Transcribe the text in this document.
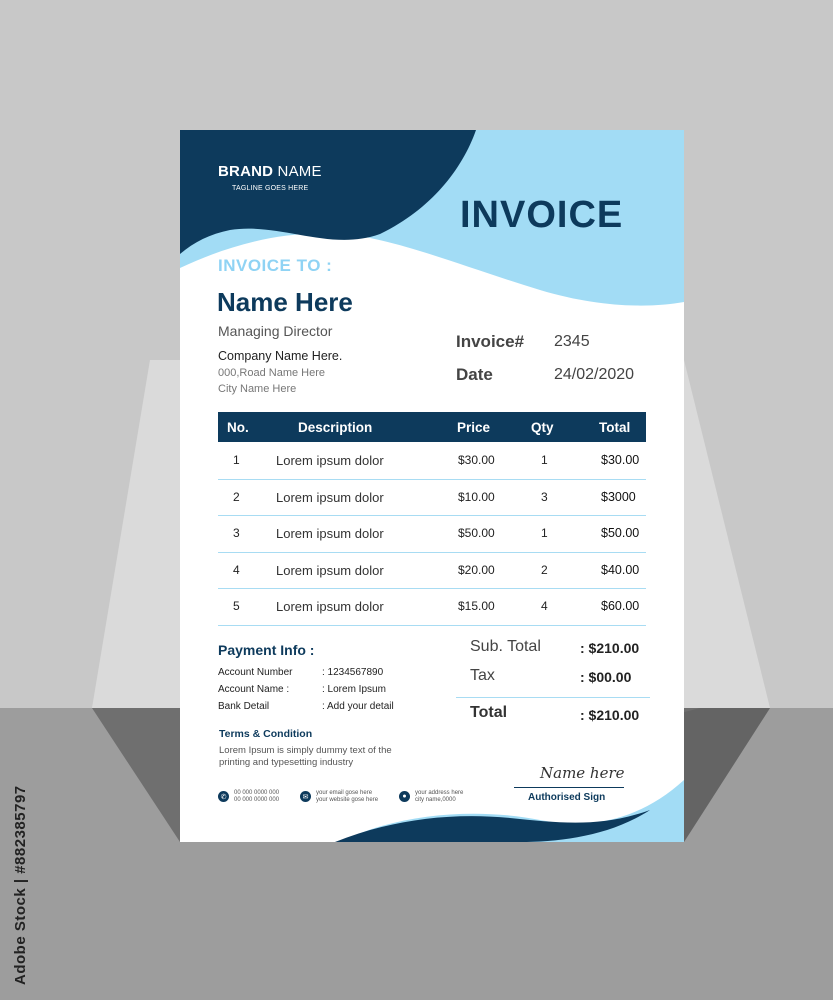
BRAND NAME
TAGLINE GOES HERE
INVOICE
INVOICE TO :
Name Here
Managing Director
Company Name Here.
000,Road Name Here
City Name Here
Invoice# 2345
Date	24/02/2020
No.	Description	Price	Qty	Total
1	Lorem ipsum dolor	$30.00	1	$30.00
2	Lorem ipsum dolor	$10.00	3	$3000
3	Lorem ipsum dolor	$50.00	1	$50.00
4	Lorem ipsum dolor	$20.00	2	$40.00
5	Lorem ipsum dolor	$15.00	4	$60.00
Payment Info :
Account Number	: 1234567890
Account Name :	: Lorem Ipsum
Bank Detail	: Add your detail
Terms & Condition
Lorem Ipsum is simply dummy text of the
printing and typesetting industry
Sub. Total	: $210.00
Tax	: $00.00
Total	: $210.00
Name here
Authorised Sign
✆
00 000 0000 000
00 000 0000 000	✉
your email gose here
your website gose here	●	your address here
city name,0000
Adobe Stock | #882385797
